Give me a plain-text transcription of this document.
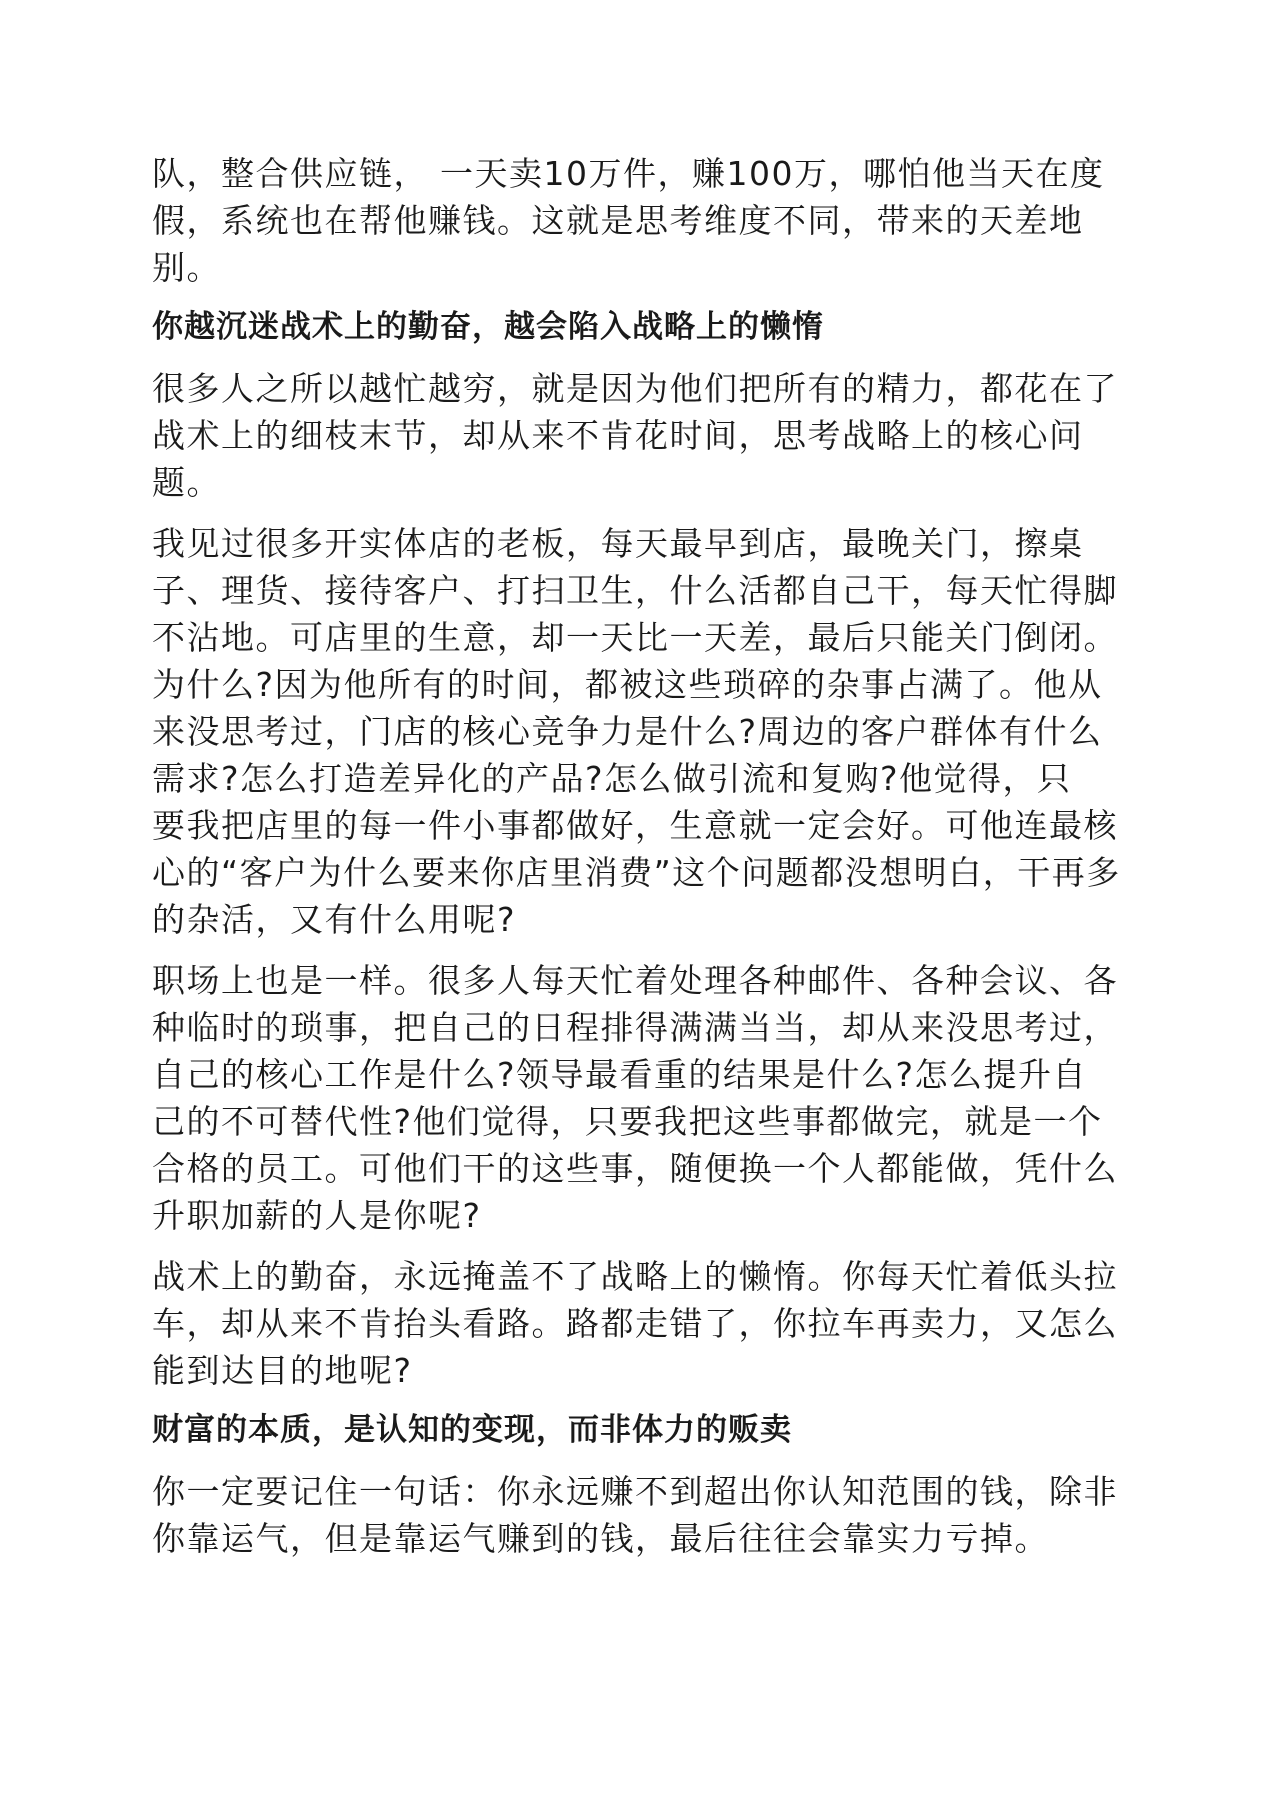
队，整合供应链， 一天卖10万件，赚100万，哪怕他当天在度
假，系统也在帮他赚钱。这就是思考维度不同，带来的天差地
别。
你越沉迷战术上的勤奋，越会陷入战略上的懒惰
很多人之所以越忙越穷，就是因为他们把所有的精力，都花在了
战术上的细枝末节，却从来不肯花时间，思考战略上的核心问
题。
我见过很多开实体店的老板，每天最早到店，最晚关门，擦桌
子、理货、接待客户、打扫卫生，什么活都自己干，每天忙得脚
不沾地。可店里的生意，却一天比一天差，最后只能关门倒闭。
为什么?因为他所有的时间，都被这些琐碎的杂事占满了。他从
来没思考过，门店的核心竞争力是什么?周边的客户群体有什么
需求?怎么打造差异化的产品?怎么做引流和复购?他觉得，只
要我把店里的每一件小事都做好，生意就一定会好。可他连最核
心的“客户为什么要来你店里消费”这个问题都没想明白，干再多
的杂活，又有什么用呢?
职场上也是一样。很多人每天忙着处理各种邮件、各种会议、各
种临时的琐事，把自己的日程排得满满当当，却从来没思考过，
自己的核心工作是什么?领导最看重的结果是什么?怎么提升自
己的不可替代性?他们觉得，只要我把这些事都做完，就是一个
合格的员工。可他们干的这些事，随便换一个人都能做，凭什么
升职加薪的人是你呢?
战术上的勤奋，永远掩盖不了战略上的懒惰。你每天忙着低头拉
车，却从来不肯抬头看路。路都走错了，你拉车再卖力，又怎么
能到达目的地呢?
财富的本质，是认知的变现，而非体力的贩卖
你一定要记住一句话：你永远赚不到超出你认知范围的钱，除非
你靠运气，但是靠运气赚到的钱，最后往往会靠实力亏掉。
